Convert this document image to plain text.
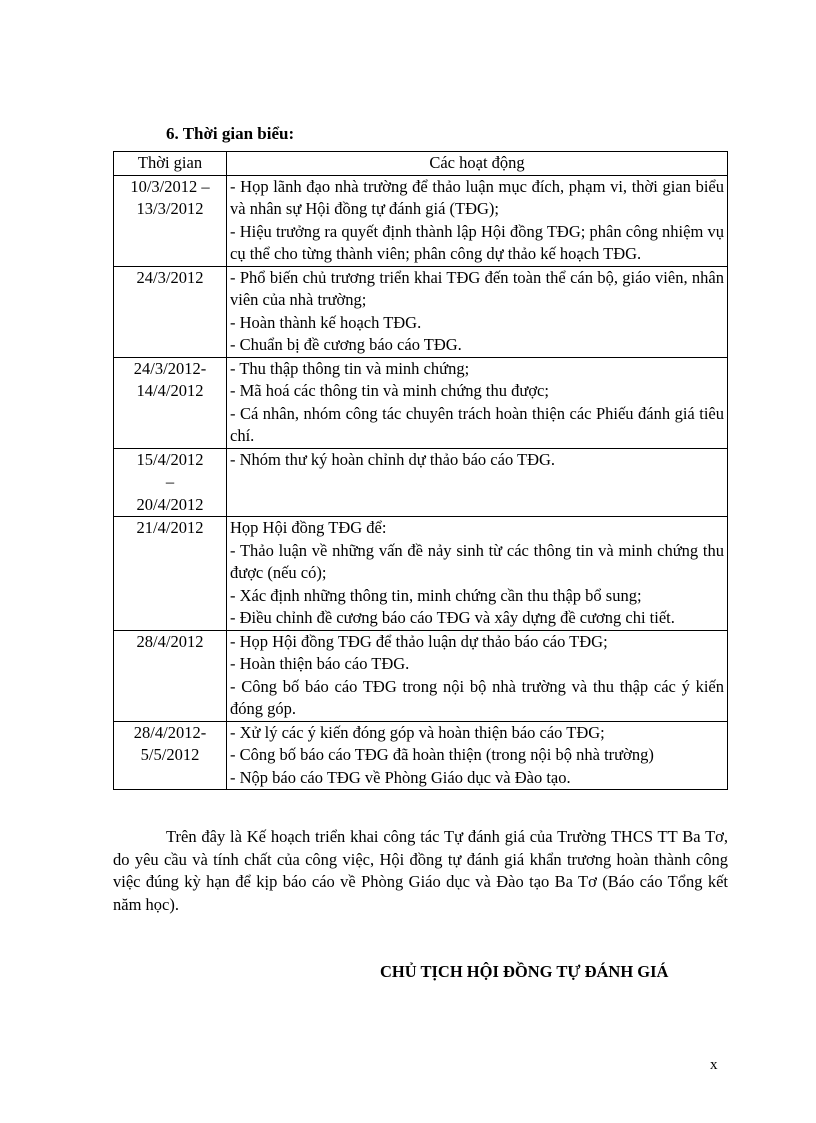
6. Thời gian biểu:
Thời gian	Các hoạt động

10/3/2012 –
13/3/2012	- Họp lãnh đạo nhà trường để thảo luận mục đích, phạm vi, thời gian biểu và nhân sự Hội đồng tự đánh giá (TĐG);
- Hiệu trưởng ra quyết định thành lập Hội đồng TĐG; phân công nhiệm vụ cụ thể cho từng thành viên; phân công dự thảo kế hoạch TĐG.

24/3/2012	- Phổ biến chủ trương triển khai TĐG đến toàn thể cán bộ, giáo viên, nhân viên của nhà trường;
- Hoàn thành kế hoạch TĐG.
- Chuẩn bị đề cương báo cáo TĐG.

24/3/2012-
14/4/2012	- Thu thập thông tin và minh chứng;
- Mã hoá các thông tin và minh chứng thu được;
- Cá nhân, nhóm công tác chuyên trách hoàn thiện các Phiếu đánh giá tiêu chí.

15/4/2012
–
20/4/2012	- Nhóm thư ký hoàn chỉnh dự thảo báo cáo TĐG.

21/4/2012	Họp Hội đồng TĐG để:
- Thảo luận về những vấn đề nảy sinh từ các thông tin và minh chứng thu được (nếu có);
- Xác định những thông tin, minh chứng cần thu thập bổ sung;
- Điều chỉnh đề cương báo cáo TĐG và xây dựng đề cương chi tiết.

28/4/2012	- Họp Hội đồng TĐG để thảo luận dự thảo báo cáo TĐG;
- Hoàn thiện báo cáo TĐG.
- Công bố báo cáo TĐG trong nội bộ nhà trường và thu thập các ý kiến đóng góp.

28/4/2012-
5/5/2012	- Xử lý các ý kiến đóng góp và hoàn thiện báo cáo TĐG;
- Công bố báo cáo TĐG đã hoàn thiện (trong nội bộ nhà trường)
- Nộp báo cáo TĐG về Phòng Giáo dục và Đào tạo.
Trên đây là Kế hoạch triển khai công tác Tự đánh giá của Trường THCS TT Ba Tơ, do yêu cầu và tính chất của công việc, Hội đồng tự đánh giá khẩn trương hoàn thành công việc đúng kỳ hạn để kịp báo cáo về Phòng Giáo dục và Đào tạo Ba Tơ (Báo cáo Tổng kết năm học).
CHỦ TỊCH HỘI ĐỒNG TỰ ĐÁNH GIÁ
x
